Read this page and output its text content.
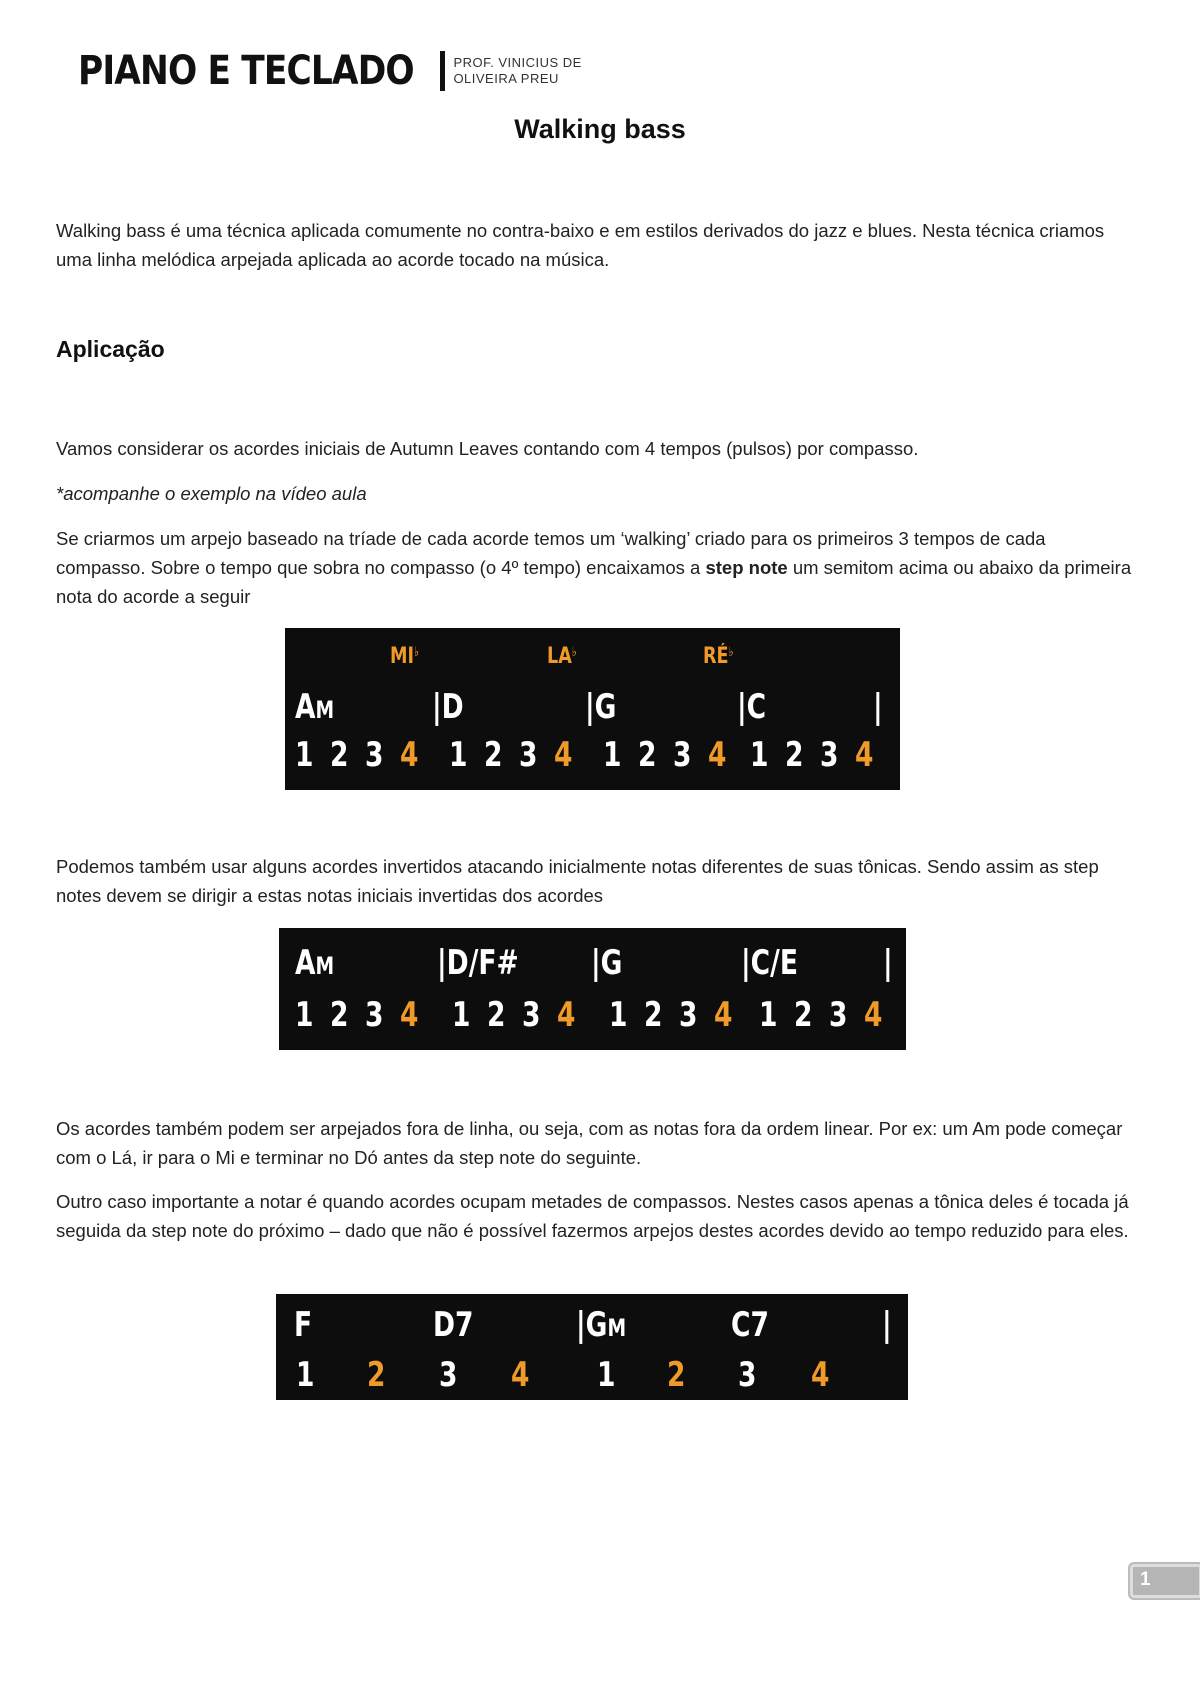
PIANO E TECLADO	PROF. VINICIUS DE
OLIVEIRA PREU
Walking bass

Walking bass é uma técnica aplicada comumente no contra-baixo e em estilos derivados do jazz e blues. Nesta técnica criamos uma linha melódica arpejada aplicada ao acorde tocado na música.

Aplicação

Vamos considerar os acordes iniciais de Autumn Leaves contando com 4 tempos (pulsos) por compasso.

*acompanhe o exemplo na vídeo aula

Se criarmos um arpejo baseado na tríade de cada acorde temos um ‘walking’ criado para os primeiros 3 tempos de cada compasso. Sobre o tempo que sobra no compasso (o 4º tempo) encaixamos a step note um semitom acima ou abaixo da primeira nota do acorde a seguir

MI♭	LA♭	RÉ♭
AM	|D	|G	|C	|
1 2 3 4 1 2 3 4 1 2 3 4 1 2 3 4

Podemos também usar alguns acordes invertidos atacando inicialmente notas diferentes de suas tônicas. Sendo assim as step notes devem se dirigir a estas notas iniciais invertidas dos acordes

AM	|D/F# |G	|C/E	|
1 2 3 4 1 2 3 4 1 2 3 4 1 2 3 4

Os acordes também podem ser arpejados fora de linha, ou seja, com as notas fora da ordem linear. Por ex: um Am pode começar com o Lá, ir para o Mi e terminar no Dó antes da step note do seguinte.

Outro caso importante a notar é quando acordes ocupam metades de compassos. Nestes casos apenas a tônica deles é tocada já seguida da step note do próximo – dado que não é possível fazermos arpejos destes acordes devido ao tempo reduzido para eles.

F	D7	|GM	C7	|
1 2 3 4 1 2 3 4
1
